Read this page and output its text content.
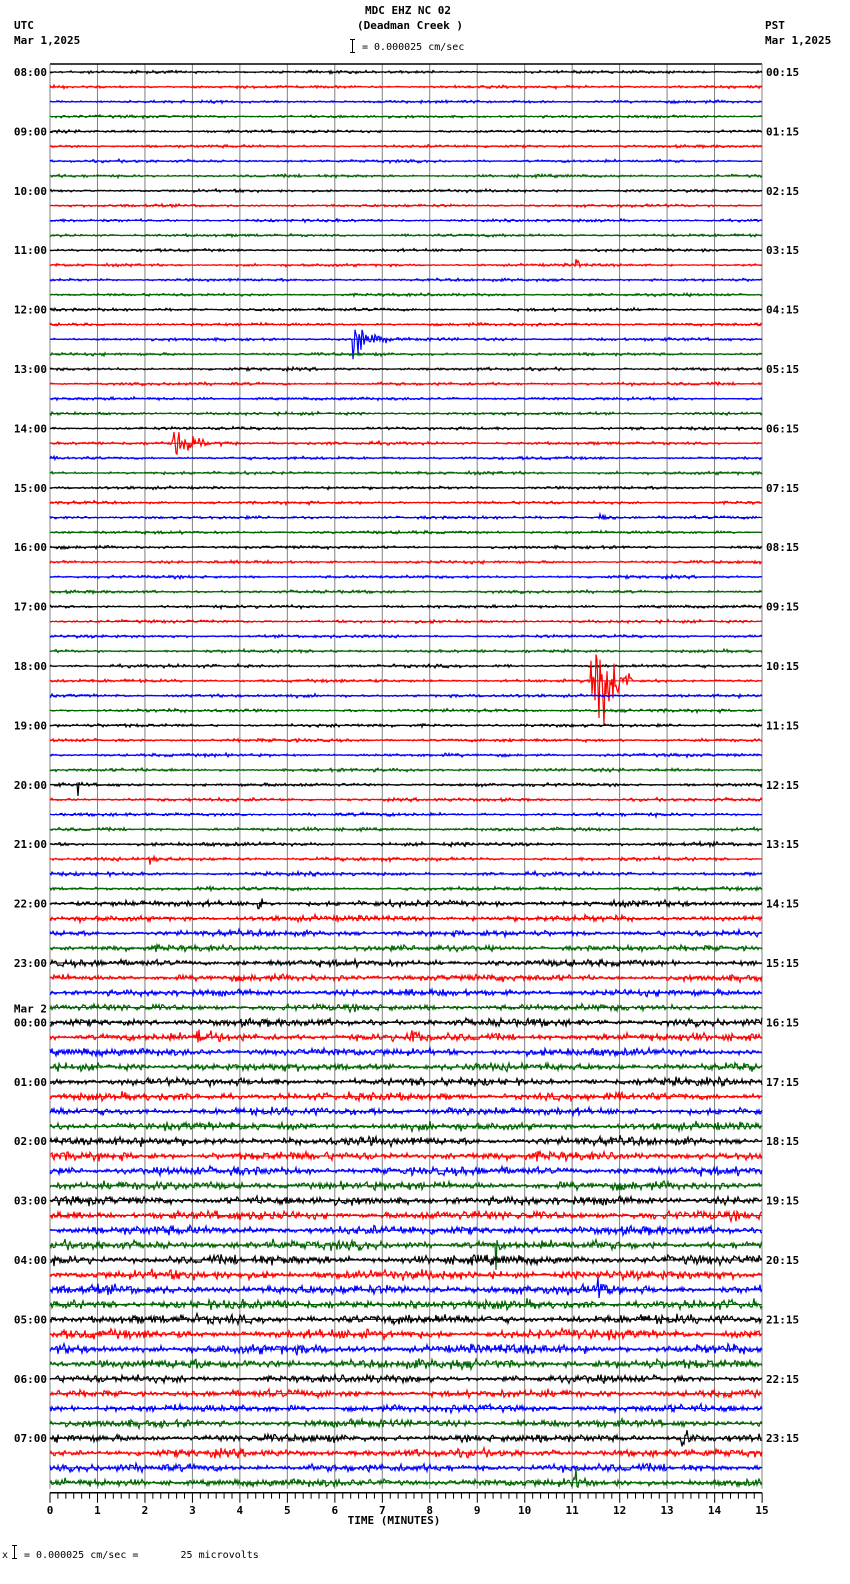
MDC EHZ NC 02
(Deadman Creek )
UTC
Mar 1,2025
PST
Mar 1,2025
= 0.000025 cm/sec
08:00
09:00
10:00
11:00
12:00
13:00
14:00
15:00
16:00
17:00
18:00
19:00
20:00
21:00
22:00
23:00
00:00
01:00
02:00
03:00
04:00
05:00
06:00
07:00
00:15
01:15
02:15
03:15
04:15
05:15
06:15
07:15
08:15
09:15
10:15
11:15
12:15
13:15
14:15
15:15
16:15
17:15
18:15
19:15
20:15
21:15
22:15
23:15
Mar 2
0	1	2	3	4	5	6	7	8	9	10	11	12	13	14	15
TIME (MINUTES)
x = 0.000025 cm/sec =       25 microvolts
